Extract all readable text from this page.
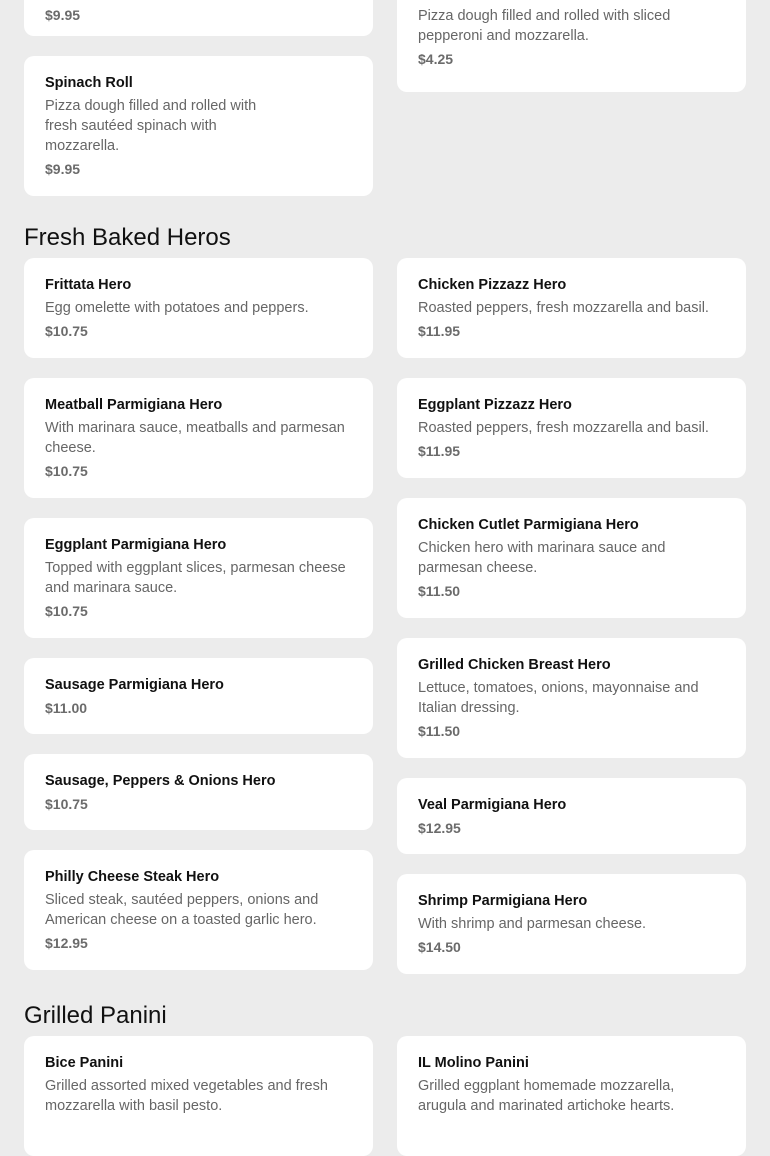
$9.95	Pizza dough filled and rolled with sliced pepperoni and mozzarella.
$4.25
Spinach Roll
Pizza dough filled and rolled with fresh sautéed spinach with mozzarella.
$9.95
Fresh Baked Heros
Frittata Hero
Egg omelette with potatoes and peppers.
$10.75
Meatball Parmigiana Hero
With marinara sauce, meatballs and parmesan cheese.
$10.75
Eggplant Parmigiana Hero
Topped with eggplant slices, parmesan cheese and marinara sauce.
$10.75
Sausage Parmigiana Hero
$11.00
Sausage, Peppers & Onions Hero
$10.75
Philly Cheese Steak Hero
Sliced steak, sautéed peppers, onions and American cheese on a toasted garlic hero.
$12.95
Chicken Pizzazz Hero
Roasted peppers, fresh mozzarella and basil.
$11.95
Eggplant Pizzazz Hero
Roasted peppers, fresh mozzarella and basil.
$11.95
Chicken Cutlet Parmigiana Hero
Chicken hero with marinara sauce and parmesan cheese.
$11.50
Grilled Chicken Breast Hero
Lettuce, tomatoes, onions, mayonnaise and Italian dressing.
$11.50
Veal Parmigiana Hero
$12.95
Shrimp Parmigiana Hero
With shrimp and parmesan cheese.
$14.50
Grilled Panini
Bice Panini
Grilled assorted mixed vegetables and fresh mozzarella with basil pesto.
IL Molino Panini
Grilled eggplant homemade mozzarella, arugula and marinated artichoke hearts.
